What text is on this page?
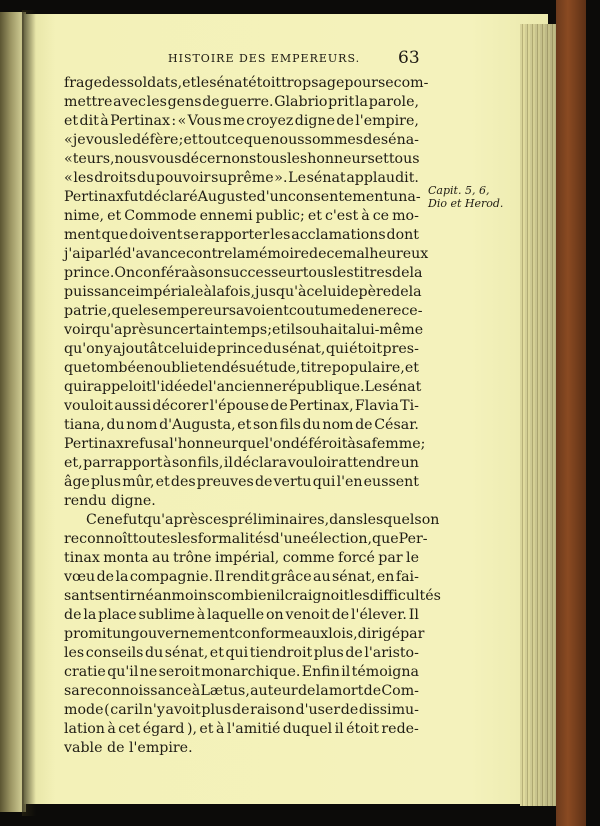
HISTOIRE DES EMPEREURS.	63
Capit. 5, 6,
Dio et Herod.
frage des soldats, et le sénat étoit trop sage pour se com-
mettre avec les gens de guerre. Glabrio prit la parole,
et dit à Pertinax : « Vous me croyez digne de l'empire,
« je vous le défère ; et tout ce que nous sommes de séna-
« teurs, nous vous décernons tous les honneurs et tous
« les droits du pouvoir suprême ». Le sénat applaudit.
Pertinax fut déclaré Auguste d'un consentement una-
nime, et Commode ennemi public; et c'est à ce mo-
ment que doivent se rapporter les acclamations dont
j'ai parlé d'avance contre la mémoire de ce malheureux
prince. On conféra à son successeur tous les titres de la
puissance impériale à la fois, jusqu'à celui de père de la
patrie, que les empereurs avoient coutume de ne rece-
voir qu'après un certain temps ; et il souhaita lui-même
qu'on y ajoutât celui de prince du sénat, qui étoit pres-
que tombé en oubli et en désuétude, titre populaire, et
qui rappeloit l'idée de l'ancienne république. Le sénat
vouloit aussi décorer l'épouse de Pertinax, Flavia Ti-
tiana, du nom d'Augusta, et son fils du nom de César.
Pertinax refusa l'honneur que l'on déféroit à sa femme;
et, par rapport à son fils, il déclara vouloir attendre un
âge plus mûr, et des preuves de vertu qui l'en eussent
rendu digne.
Ce ne fut qu'après ces préliminaires, dans lesquels on
reconnoît toutes les formalités d'une élection, que Per-
tinax monta au trône impérial, comme forcé par le
vœu de la compagnie. Il rendit grâce au sénat, en fai-
sant sentir néanmoins combien il craignoit les difficultés
de la place sublime à laquelle on venoit de l'élever. Il
promit un gouvernement conforme aux lois, dirigé par
les conseils du sénat, et qui tiendroit plus de l'aristo-
cratie qu'il ne seroit monarchique. Enfin il témoigna
sa reconnoissance à Lætus, auteur de la mort de Com-
mode ( car il n'y avoit plus de raison d'user de dissimu-
lation à cet égard ), et à l'amitié duquel il étoit rede-
vable de l'empire.
